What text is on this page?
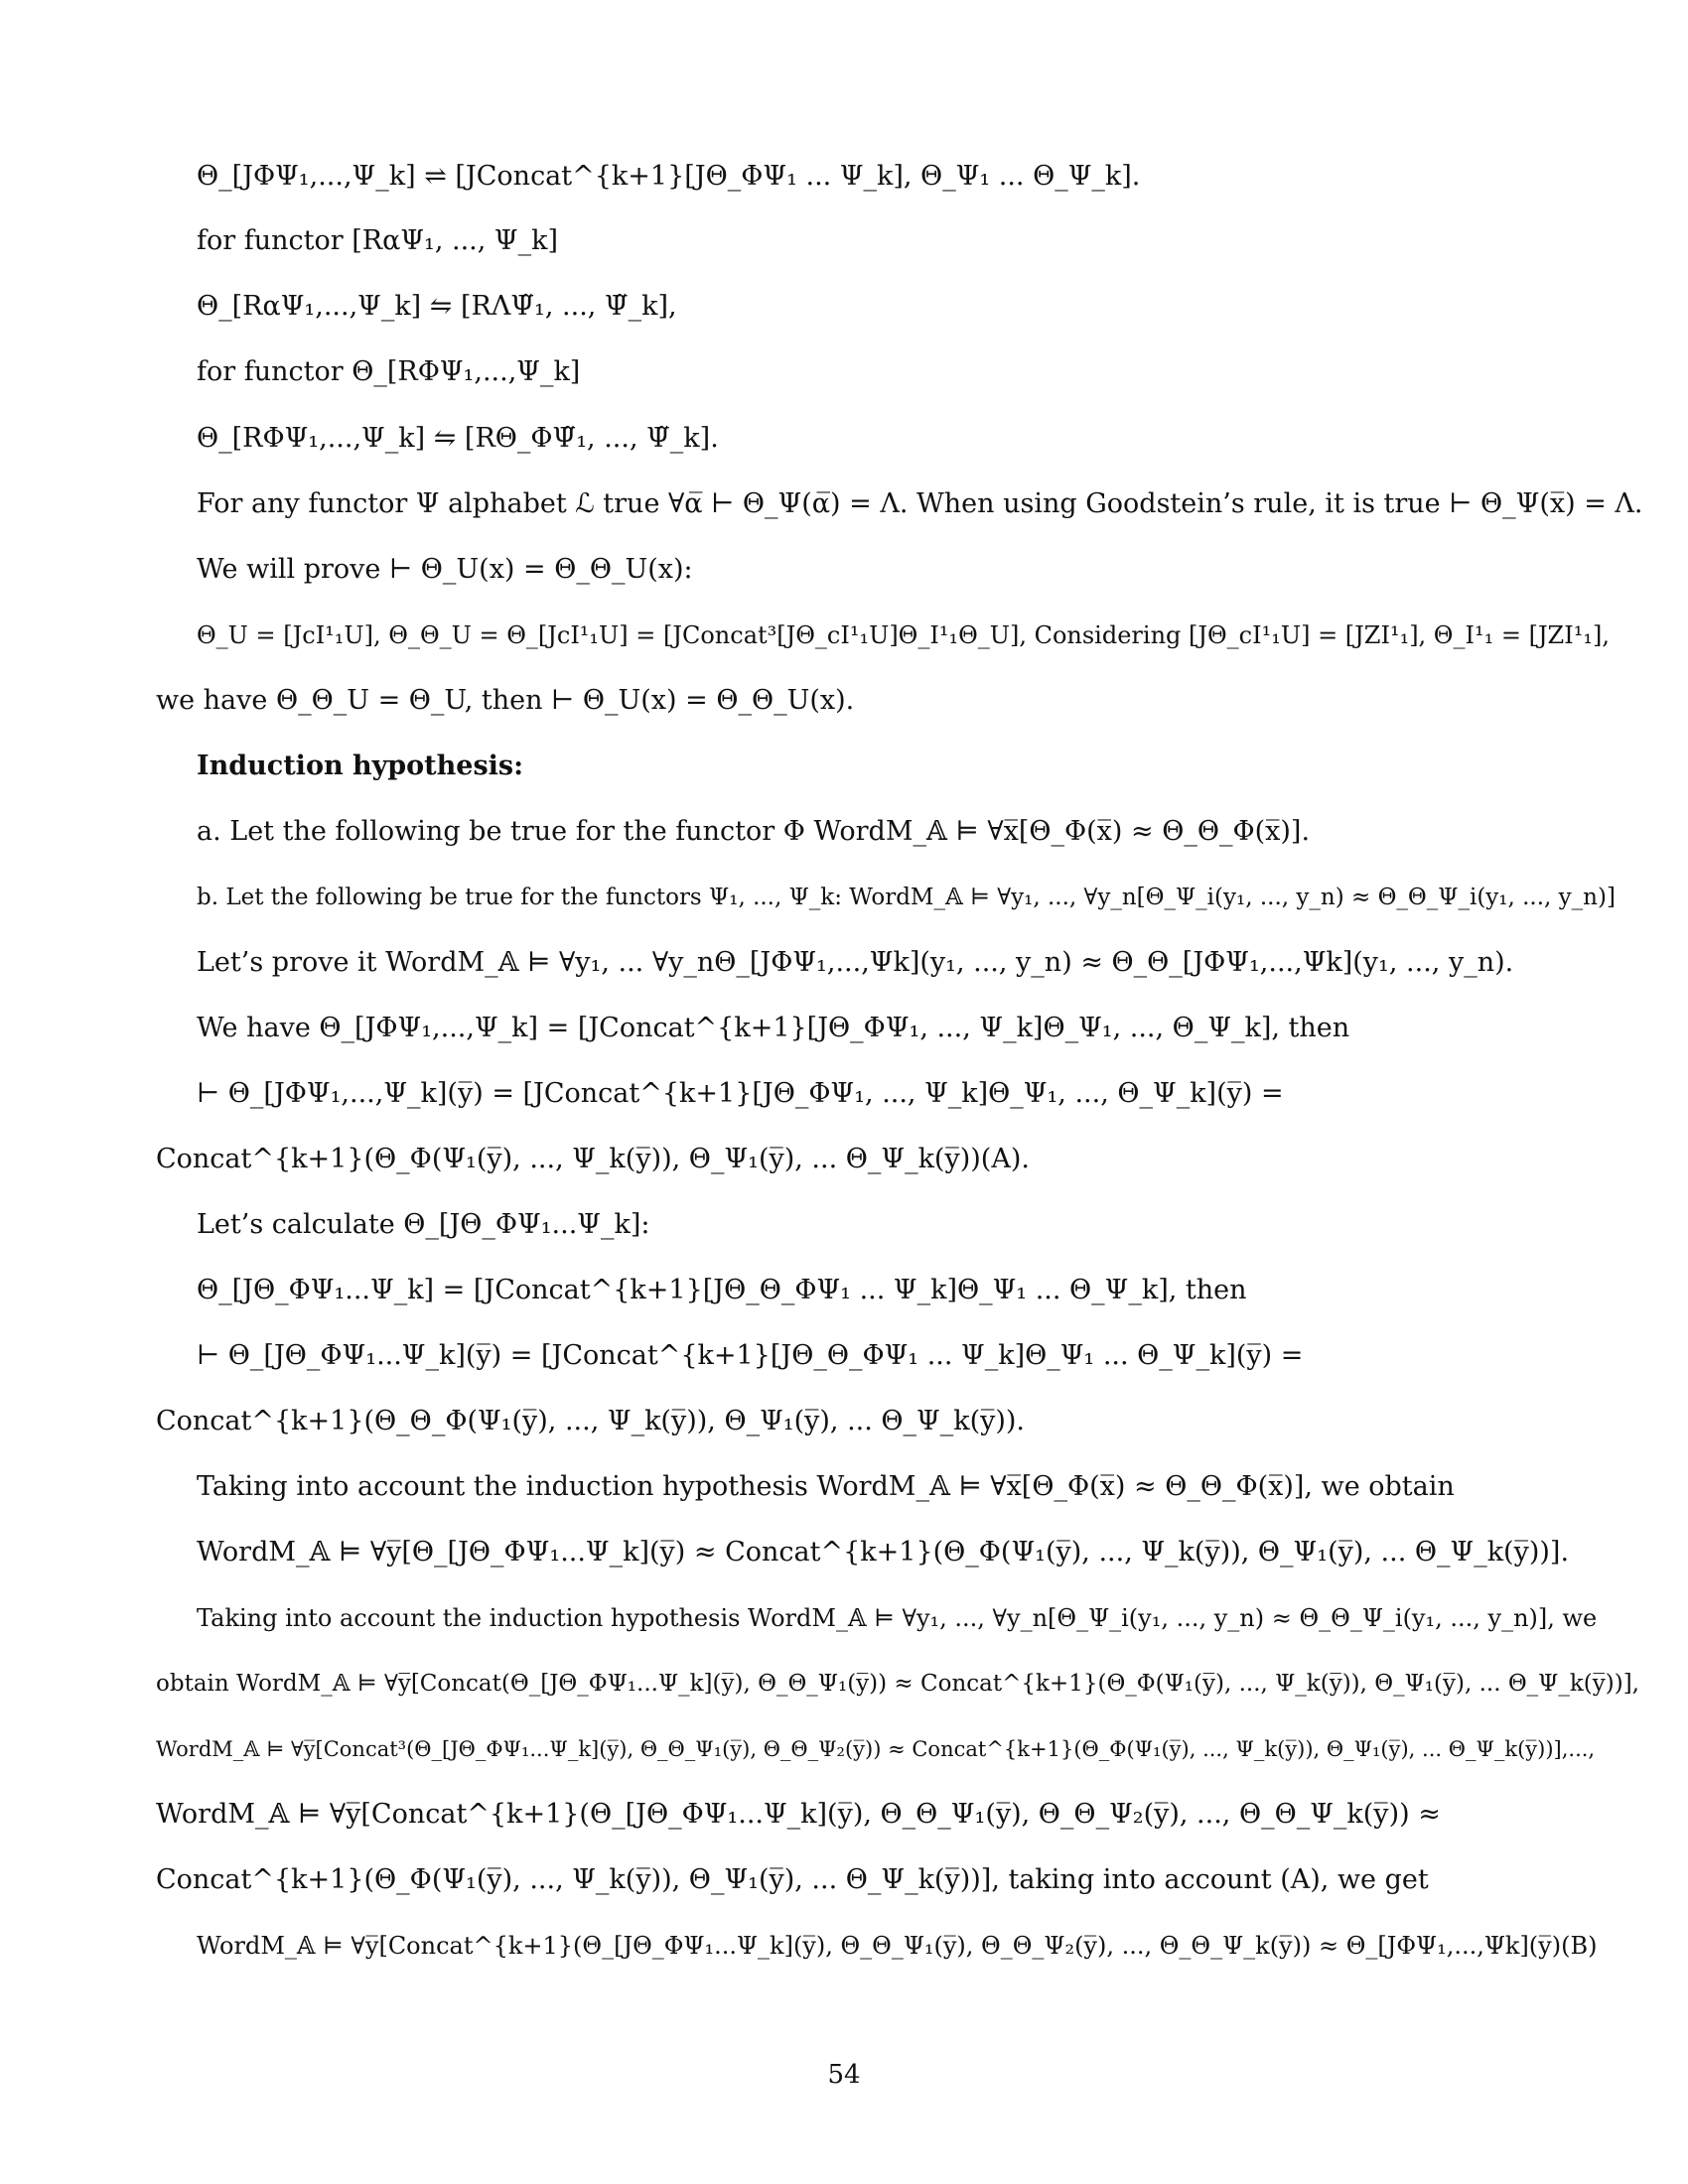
Θ_[JΦΨ₁,...,Ψ_k] ⇌ [JConcat^{k+1}[JΘ_ΦΨ₁ ... Ψ_k], Θ_Ψ₁ ... Θ_Ψ_k].
for functor [RαΨ₁, ..., Ψ_k]
Θ_[RαΨ₁,...,Ψ_k] ⇋ [RΛΨ̃₁, ..., Ψ̃_k],
for functor Θ_[RΦΨ₁,...,Ψ_k]
Θ_[RΦΨ₁,...,Ψ_k] ⇋ [RΘ_ΦΨ̃₁, ..., Ψ̃_k].
For any functor Ψ alphabet ℒ true ∀α̅ ⊢ Θ_Ψ(α̅) = Λ. When using Goodstein’s rule, it is true ⊢ Θ_Ψ(x̅) = Λ.
We will prove ⊢ Θ_U(x) = Θ_Θ_U(x):
Θ_U = [JcI¹₁U], Θ_Θ_U = Θ_[JcI¹₁U] = [JConcat³[JΘ_cI¹₁U]Θ_I¹₁Θ_U], Considering [JΘ_cI¹₁U] = [JZI¹₁], Θ_I¹₁ = [JZI¹₁],
we have Θ_Θ_U = Θ_U, then ⊢ Θ_U(x) = Θ_Θ_U(x).
Induction hypothesis:
a. Let the following be true for the functor Φ WordM_𝔸 ⊨ ∀x̅[Θ_Φ(x̅) ≈ Θ_Θ_Φ(x̅)].
b. Let the following be true for the functors Ψ₁, ..., Ψ_k: WordM_𝔸 ⊨ ∀y₁, ..., ∀y_n[Θ_Ψ_i(y₁, ..., y_n) ≈ Θ_Θ_Ψ_i(y₁, ..., y_n)]
Let’s prove it WordM_𝔸 ⊨ ∀y₁, ... ∀y_nΘ_[JΦΨ₁,...,Ψk](y₁, ..., y_n) ≈ Θ_Θ_[JΦΨ₁,...,Ψk](y₁, ..., y_n).
We have Θ_[JΦΨ₁,...,Ψ_k] = [JConcat^{k+1}[JΘ_ΦΨ₁, ..., Ψ_k]Θ_Ψ₁, ..., Θ_Ψ_k], then
⊢ Θ_[JΦΨ₁,...,Ψ_k](y̅) = [JConcat^{k+1}[JΘ_ΦΨ₁, ..., Ψ_k]Θ_Ψ₁, ..., Θ_Ψ_k](y̅) =
Concat^{k+1}(Θ_Φ(Ψ₁(y̅), ..., Ψ_k(y̅)), Θ_Ψ₁(y̅), ... Θ_Ψ_k(y̅))(A).
Let’s calculate Θ_[JΘ_ΦΨ₁...Ψ_k]:
Θ_[JΘ_ΦΨ₁...Ψ_k] = [JConcat^{k+1}[JΘ_Θ_ΦΨ₁ ... Ψ_k]Θ_Ψ₁ ... Θ_Ψ_k], then
⊢ Θ_[JΘ_ΦΨ₁...Ψ_k](y̅) = [JConcat^{k+1}[JΘ_Θ_ΦΨ₁ ... Ψ_k]Θ_Ψ₁ ... Θ_Ψ_k](y̅) =
Concat^{k+1}(Θ_Θ_Φ(Ψ₁(y̅), ..., Ψ_k(y̅)), Θ_Ψ₁(y̅), ... Θ_Ψ_k(y̅)).
Taking into account the induction hypothesis WordM_𝔸 ⊨ ∀x̅[Θ_Φ(x̅) ≈ Θ_Θ_Φ(x̅)], we obtain
WordM_𝔸 ⊨ ∀y̅[Θ_[JΘ_ΦΨ₁...Ψ_k](y̅) ≈ Concat^{k+1}(Θ_Φ(Ψ₁(y̅), ..., Ψ_k(y̅)), Θ_Ψ₁(y̅), ... Θ_Ψ_k(y̅))].
Taking into account the induction hypothesis WordM_𝔸 ⊨ ∀y₁, ..., ∀y_n[Θ_Ψ_i(y₁, ..., y_n) ≈ Θ_Θ_Ψ_i(y₁, ..., y_n)], we
obtain WordM_𝔸 ⊨ ∀y̅[Concat(Θ_[JΘ_ΦΨ₁...Ψ_k](y̅), Θ_Θ_Ψ₁(y̅)) ≈ Concat^{k+1}(Θ_Φ(Ψ₁(y̅), ..., Ψ_k(y̅)), Θ_Ψ₁(y̅), ... Θ_Ψ_k(y̅))],
WordM_𝔸 ⊨ ∀y̅[Concat³(Θ_[JΘ_ΦΨ₁...Ψ_k](y̅), Θ_Θ_Ψ₁(y̅), Θ_Θ_Ψ₂(y̅)) ≈ Concat^{k+1}(Θ_Φ(Ψ₁(y̅), ..., Ψ_k(y̅)), Θ_Ψ₁(y̅), ... Θ_Ψ_k(y̅))],...,
WordM_𝔸 ⊨ ∀y̅[Concat^{k+1}(Θ_[JΘ_ΦΨ₁...Ψ_k](y̅), Θ_Θ_Ψ₁(y̅), Θ_Θ_Ψ₂(y̅), ..., Θ_Θ_Ψ_k(y̅)) ≈
Concat^{k+1}(Θ_Φ(Ψ₁(y̅), ..., Ψ_k(y̅)), Θ_Ψ₁(y̅), ... Θ_Ψ_k(y̅))], taking into account (A), we get
WordM_𝔸 ⊨ ∀y̅[Concat^{k+1}(Θ_[JΘ_ΦΨ₁...Ψ_k](y̅), Θ_Θ_Ψ₁(y̅), Θ_Θ_Ψ₂(y̅), ..., Θ_Θ_Ψ_k(y̅)) ≈ Θ_[JΦΨ₁,...,Ψk](y̅)(B)
54
